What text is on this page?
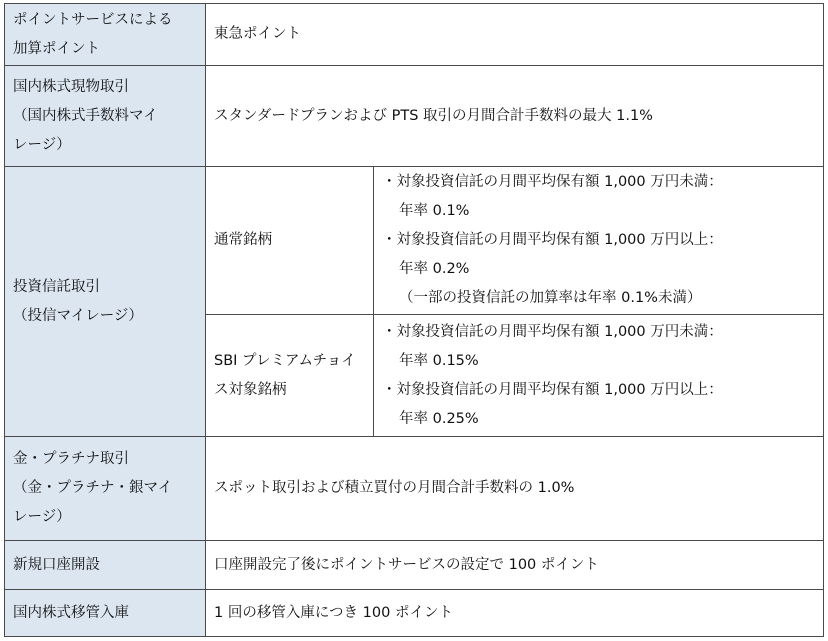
ポイントサービスによる
加算ポイント	東急ポイント	

国内株式現物取引
（国内株式手数料マイ
レージ）	スタンダードプランおよび PTS 取引の月間合計手数料の最大 1.1%	

投資信託取引
（投信マイレージ）	通常銘柄	・対象投資信託の月間平均保有額 1,000 万円未満：
年率 0.1%
・対象投資信託の月間平均保有額 1,000 万円以上：
年率 0.2%
（一部の投資信託の加算率は年率 0.1%未満）

	SBI プレミアムチョイ
ス対象銘柄	・対象投資信託の月間平均保有額 1,000 万円未満：
年率 0.15%
・対象投資信託の月間平均保有額 1,000 万円以上：
年率 0.25%

金・プラチナ取引
（金・プラチナ・銀マイ
レージ）	スポット取引および積立買付の月間合計手数料の 1.0%	

新規口座開設	口座開設完了後にポイントサービスの設定で 100 ポイント	

国内株式移管入庫	1 回の移管入庫につき 100 ポイント	
